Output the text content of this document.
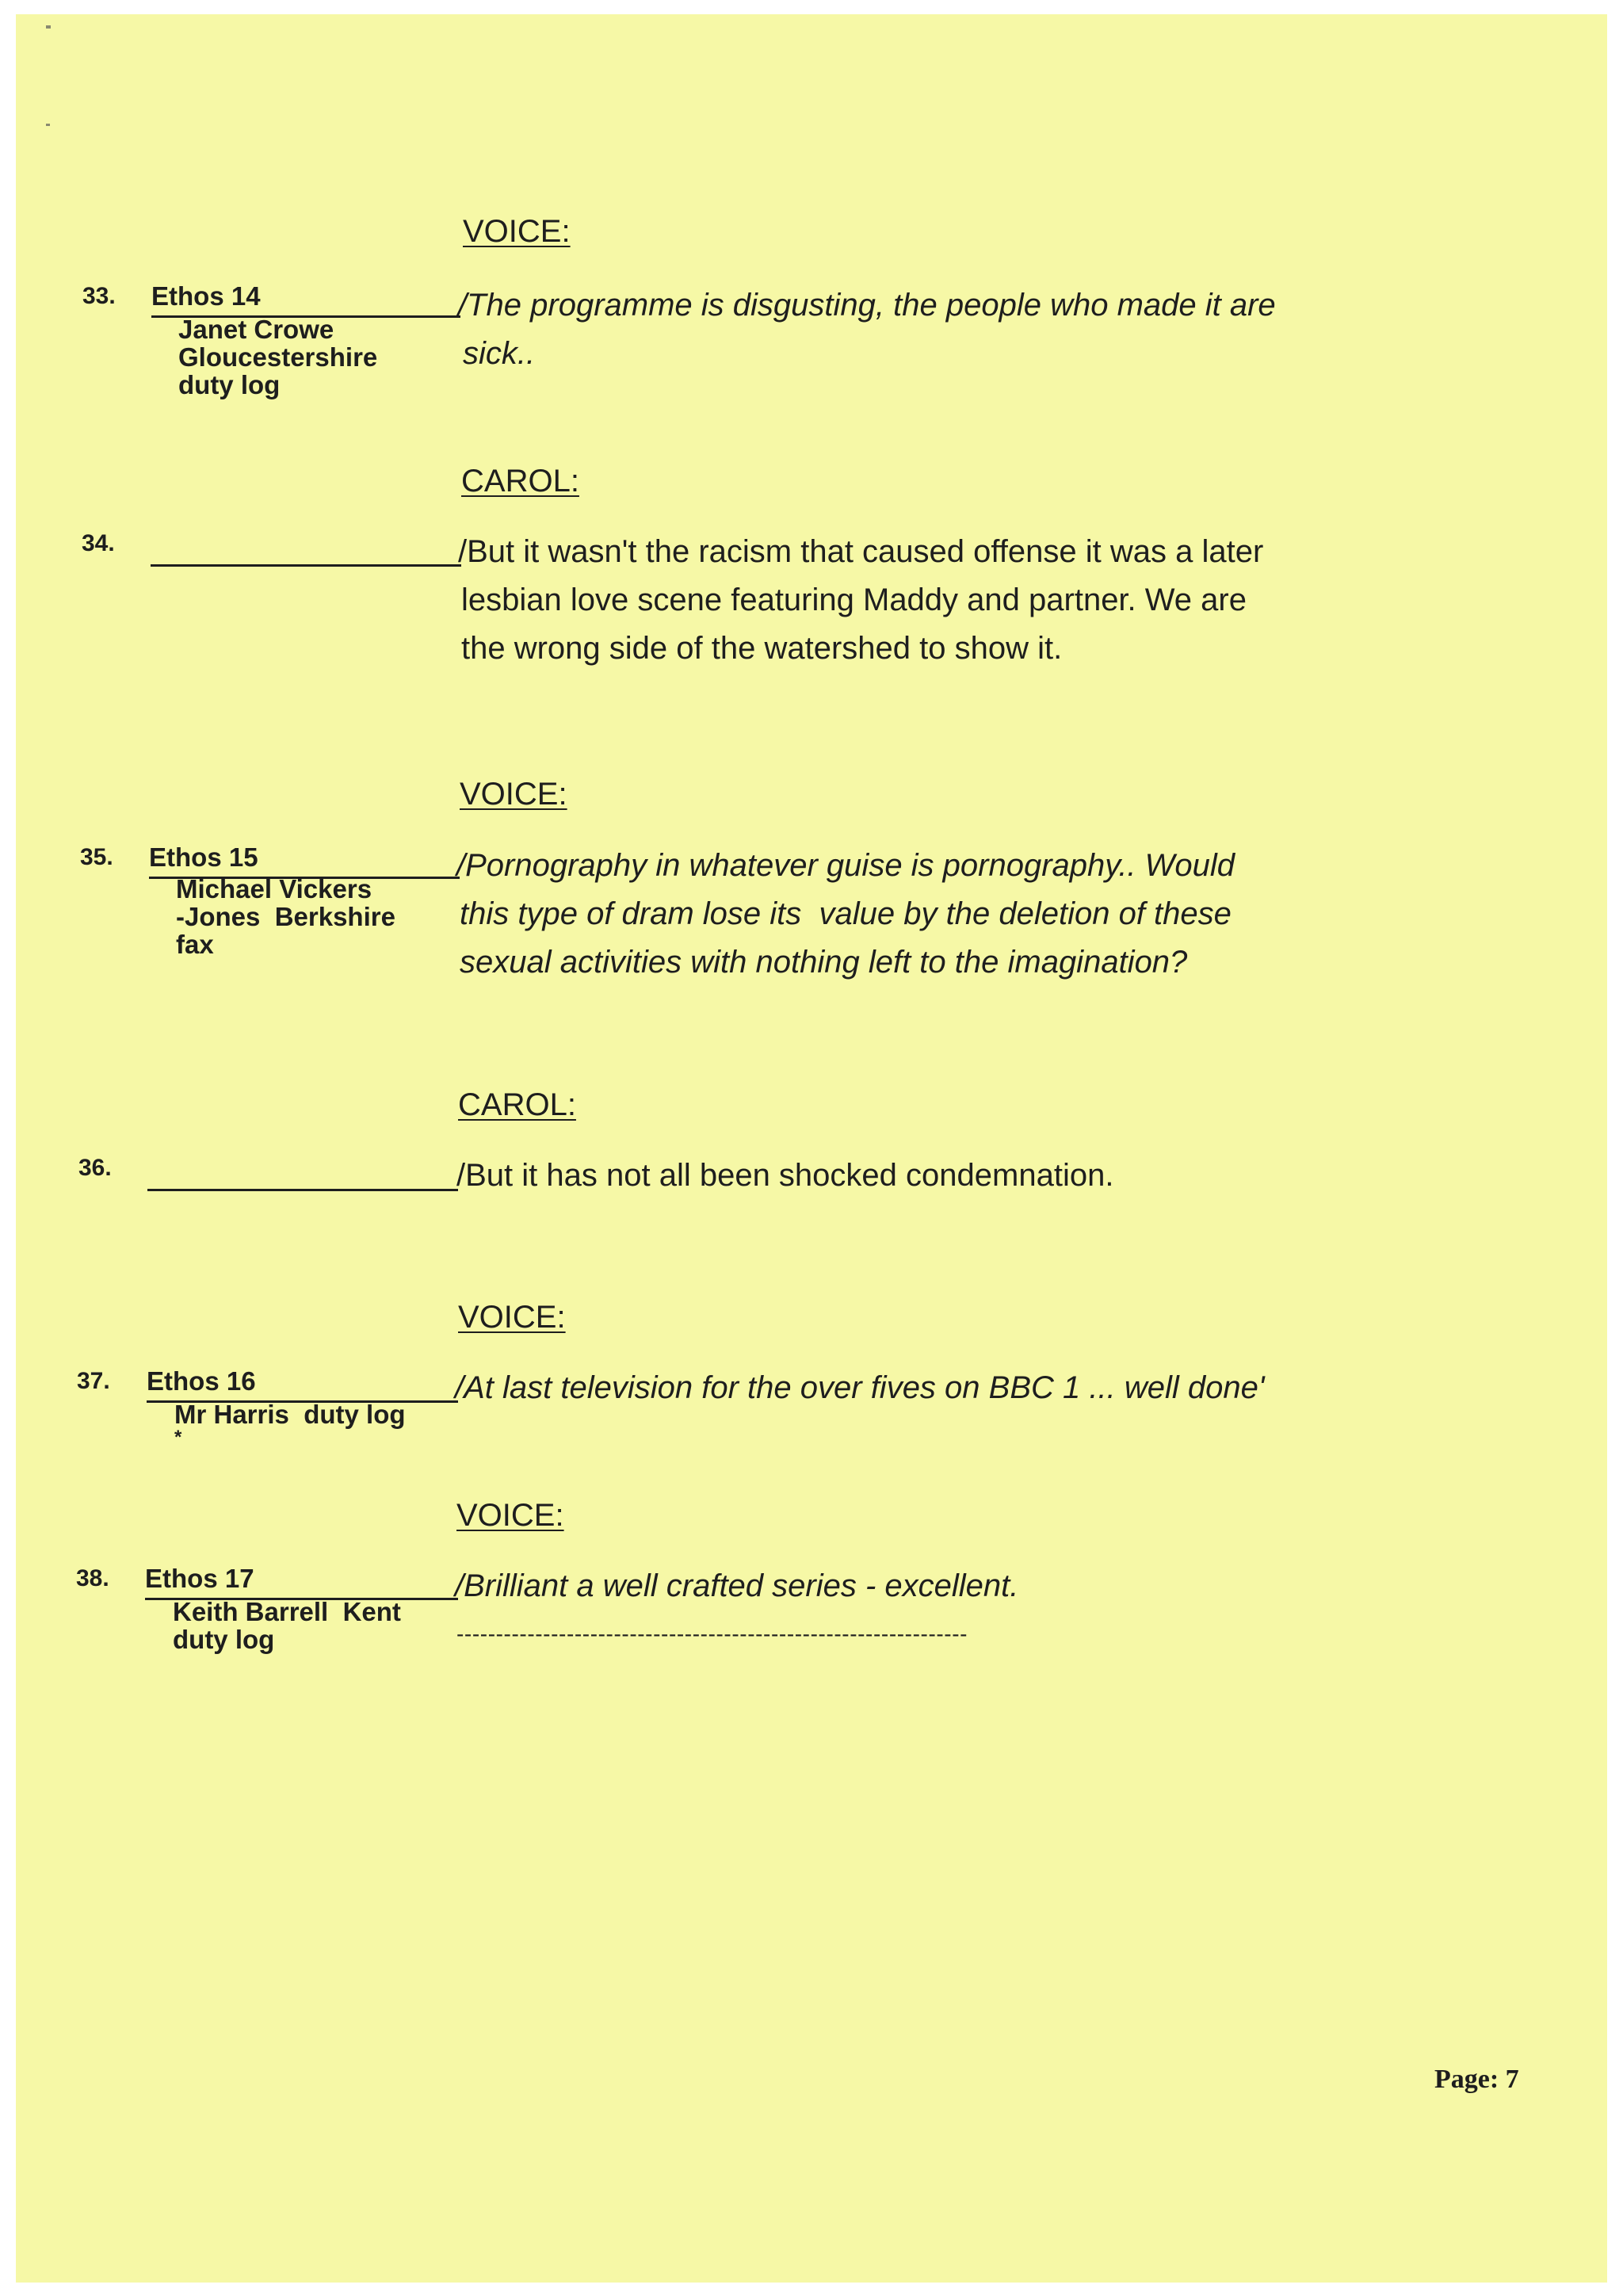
VOICE:
33. Ethos 14
Janet Crowe
Gloucestershire
duty log
/The programme is disgusting, the people who made it are
sick..
CAROL:
34.	/But it wasn't the racism that caused offense it was a later
lesbian love scene featuring Maddy and partner. We are
the wrong side of the watershed to show it.
VOICE:
35. Ethos 15
Michael Vickers
-Jones  Berkshire
fax
/Pornography in whatever guise is pornography.. Would
this type of dram lose its  value by the deletion of these
sexual activities with nothing left to the imagination?
CAROL:
36.	/But it has not all been shocked condemnation.
VOICE:
37. Ethos 16
Mr Harris  duty log
*
/At last television for the over fives on BBC 1 ... well done'
VOICE:
38. Ethos 17
Keith Barrell  Kent
duty log
/Brilliant a well crafted series - excellent.
-----------------------------------------------------------------
Page: 7
